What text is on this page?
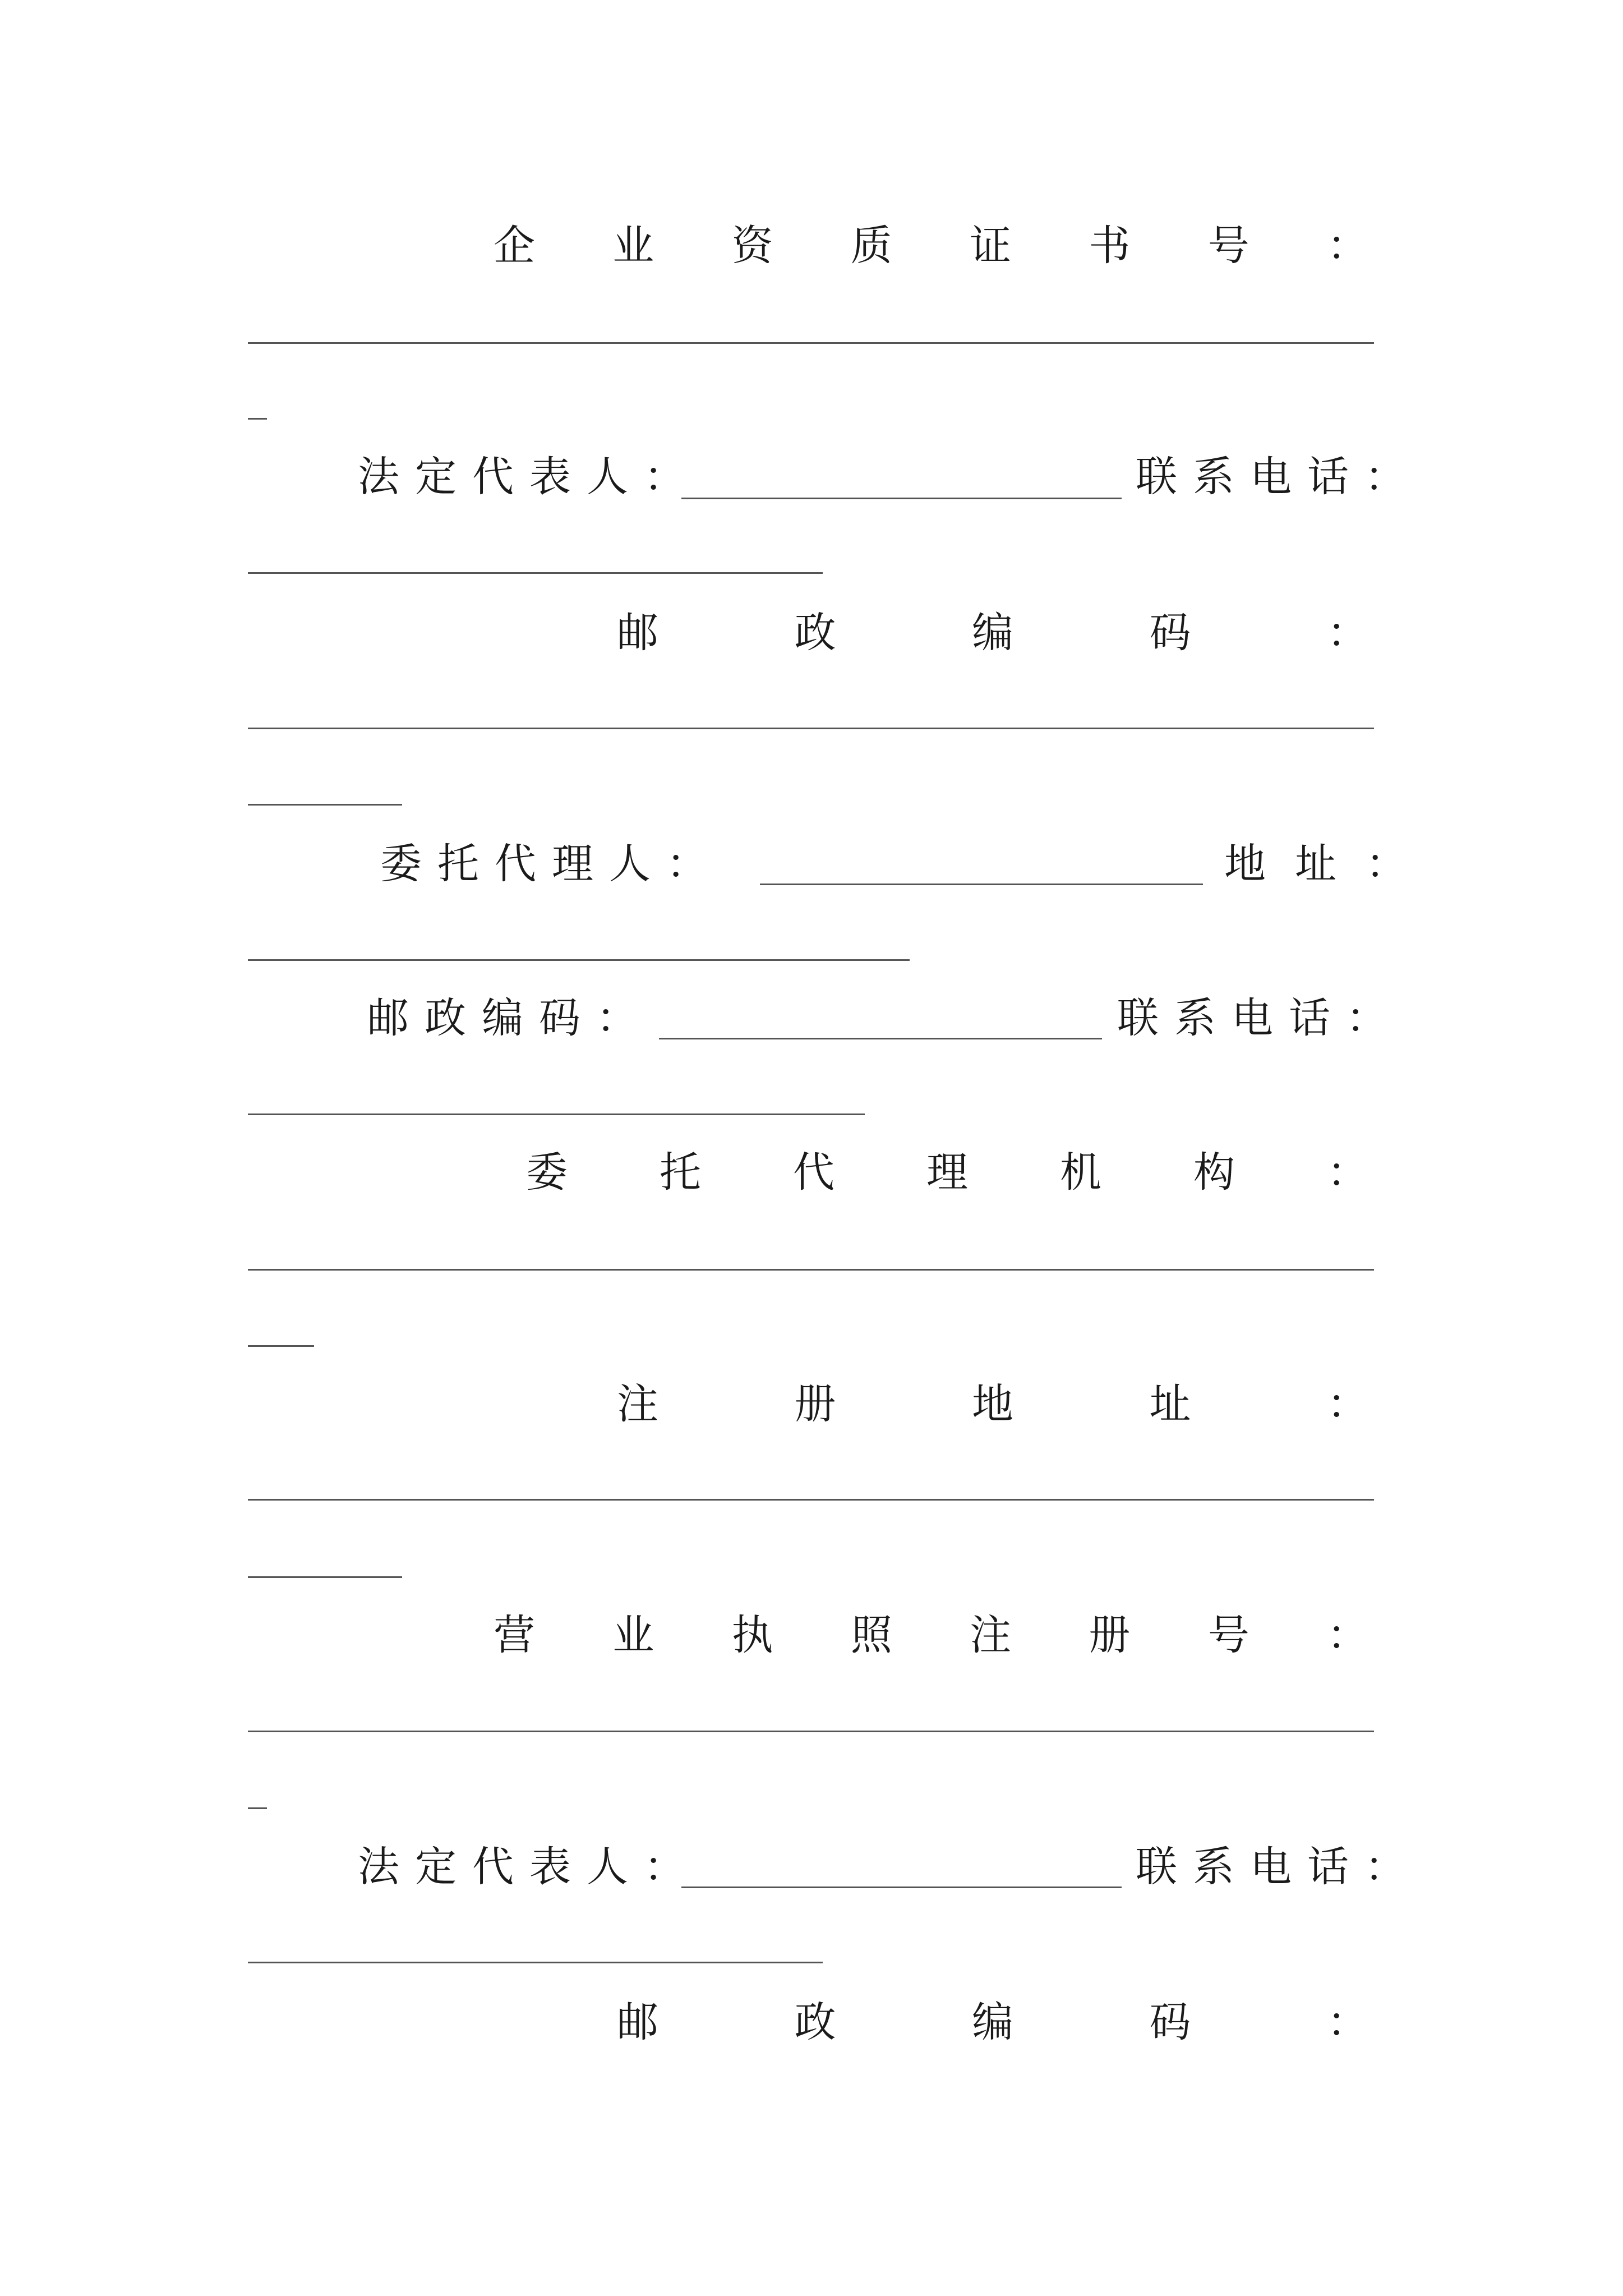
企 业 资 质 证 书 号 ：
法定代表人：	联系电话：
邮	政	编	码	：
委托代理人：	地址：
邮政编码：	联系电话：
委 托 代 理 机 构 ：
注	册	地	址	：
营 业 执 照 注 册 号 ：
法定代表人：	联系电话：
邮	政	编	码	：
